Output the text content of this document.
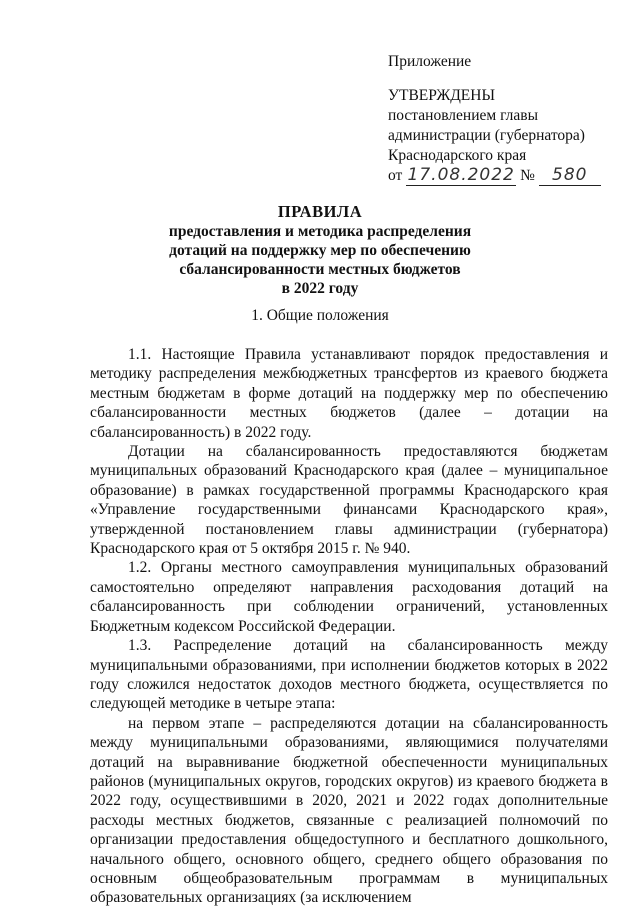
Приложение
УТВЕРЖДЕНЫ
постановлением главы
администрации (губернатора)
Краснодарского края
от 17.08.2022 № 580
ПРАВИЛА
предоставления и методика распределения
дотаций на поддержку мер по обеспечению
сбалансированности местных бюджетов
в 2022 году
1. Общие положения

1.1. Настоящие Правила устанавливают порядок предоставления и методику распределения межбюджетных трансфертов из краевого бюджета местным бюджетам в форме дотаций на поддержку мер по обеспечению сбалансированности местных бюджетов (далее – дотации на сбалансированность) в 2022 году.

Дотации на сбалансированность предоставляются бюджетам муниципальных образований Краснодарского края (далее – муниципальное образование) в рамках государственной программы Краснодарского края «Управление государственными финансами Краснодарского края», утвержденной постановлением главы администрации (губернатора) Краснодарского края от 5 октября 2015 г. № 940.

1.2. Органы местного самоуправления муниципальных образований самостоятельно определяют направления расходования дотаций на сбалансированность при соблюдении ограничений, установленных Бюджетным кодексом Российской Федерации.

1.3. Распределение дотаций на сбалансированность между муниципальными образованиями, при исполнении бюджетов которых в 2022 году сложился недостаток доходов местного бюджета, осуществляется по следующей методике в четыре этапа:

на первом этапе – распределяются дотации на сбалансированность между муниципальными образованиями, являющимися получателями дотаций на выравнивание бюджетной обеспеченности муниципальных районов (муниципальных округов, городских округов) из краевого бюджета в 2022 году, осуществившими в 2020, 2021 и 2022 годах дополнительные расходы местных бюджетов, связанные с реализацией полномочий по организации предоставления общедоступного и бесплатного дошкольного, начального общего, основного общего, среднего общего образования по основным общеобразовательным программам в муниципальных образовательных организациях (за исключением
